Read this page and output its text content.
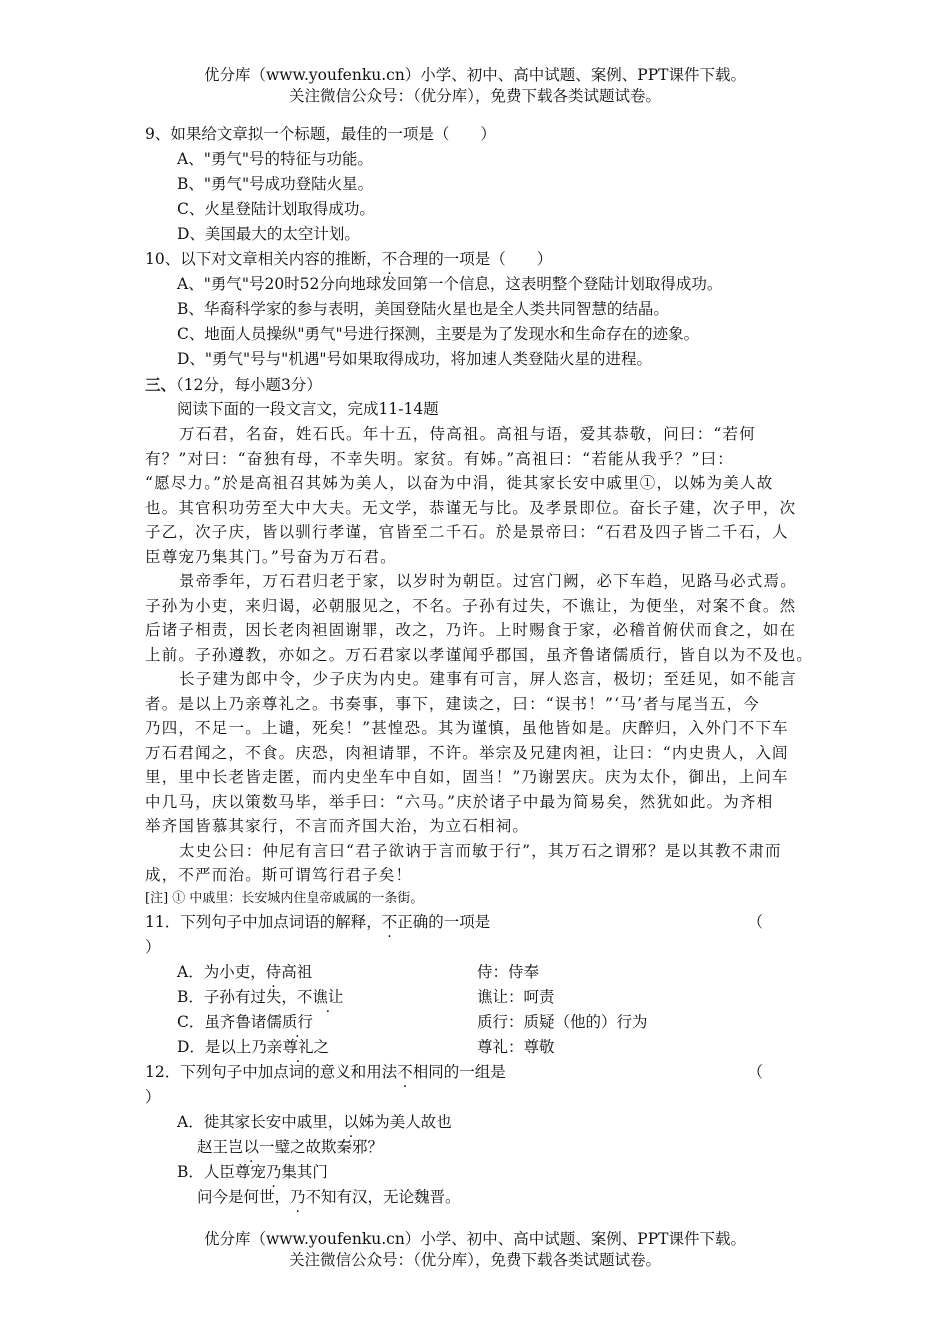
优分库（www.youfenku.cn）小学、初中、高中试题、案例、PPT课件下载。
关注微信公众号：（优分库），免费下载各类试题试卷。
9、如果给文章拟一个标题，最佳的一项是（　　）
A、"勇气"号的特征与功能。
B、"勇气"号成功登陆火星。
C、火星登陆计划取得成功。
D、美国最大的太空计划。
10、以下对文章相关内容的推断，不合理的一项是（　　）
A、"勇气"号20时52分向地球发回第一个信息，这表明整个登陆计划取得成功。
B、华裔科学家的参与表明，美国登陆火星也是全人类共同智慧的结晶。
C、地面人员操纵"勇气"号进行探测，主要是为了发现水和生命存在的迹象。
D、"勇气"号与"机遇"号如果取得成功，将加速人类登陆火星的进程。
三、（12分，每小题3分）
阅读下面的一段文言文，完成11-14题
万石君，名奋，姓石氏。年十五，侍高祖。高祖与语，爱其恭敬，问曰：“若何
有？”对曰：“奋独有母，不幸失明。家贫。有姊。”高祖曰：“若能从我乎？”曰：
“愿尽力。”於是高祖召其姊为美人，以奋为中涓，徙其家长安中戚里①，以姊为美人故
也。其官积功劳至大中大夫。无文学，恭谨无与比。及孝景即位。奋长子建，次子甲，次
子乙，次子庆，皆以驯行孝谨，官皆至二千石。於是景帝曰：“石君及四子皆二千石，人
臣尊宠乃集其门。”号奋为万石君。
景帝季年，万石君归老于家，以岁时为朝臣。过宫门阙，必下车趋，见路马必式焉。
子孙为小吏，来归谒，必朝服见之，不名。子孙有过失，不谯让，为便坐，对案不食。然
后诸子相责，因长老肉袒固谢罪，改之，乃许。上时赐食于家，必稽首俯伏而食之，如在
上前。子孙遵教，亦如之。万石君家以孝谨闻乎郡国，虽齐鲁诸儒质行，皆自以为不及也。
长子建为郎中令，少子庆为内史。建事有可言，屏人恣言，极切；至廷见，如不能言
者。是以上乃亲尊礼之。书奏事，事下，建读之，曰：“误书！”‘马’者与尾当五，今
乃四，不足一。上谴，死矣！”甚惶恐。其为谨慎，虽他皆如是。庆醉归，入外门不下车
万石君闻之，不食。庆恐，肉袒请罪，不许。举宗及兄建肉袒，让曰：“内史贵人，入闾
里，里中长老皆走匿，而内史坐车中自如，固当！”乃谢罢庆。庆为太仆，御出，上问车
中几马，庆以策数马毕，举手曰：“六马。”庆於诸子中最为简易矣，然犹如此。为齐相
举齐国皆慕其家行，不言而齐国大治，为立石相祠。
太史公曰：仲尼有言曰“君子欲讷于言而敏于行”，其万石之谓邪？是以其教不肃而
成，不严而治。斯可谓笃行君子矣！
[注] ① 中戚里：长安城内住皇帝戚属的一条街。
11．下列句子中加点词语的解释，不正确的一项是	（
）
A．为小吏，侍高祖	侍：侍奉
B．子孙有过失，不谯让	谯让：呵责
C．虽齐鲁诸儒质行	质行：质疑（他的）行为
D．是以上乃亲尊礼之	尊礼：尊敬
12．下列句子中加点词的意义和用法不相同的一组是	（
）
A．徙其家长安中戚里，以姊为美人故也
赵王岂以一璧之故欺秦邪？
B．人臣尊宠乃集其门
问今是何世，乃不知有汉，无论魏晋。
优分库（www.youfenku.cn）小学、初中、高中试题、案例、PPT课件下载。
关注微信公众号：（优分库），免费下载各类试题试卷。
